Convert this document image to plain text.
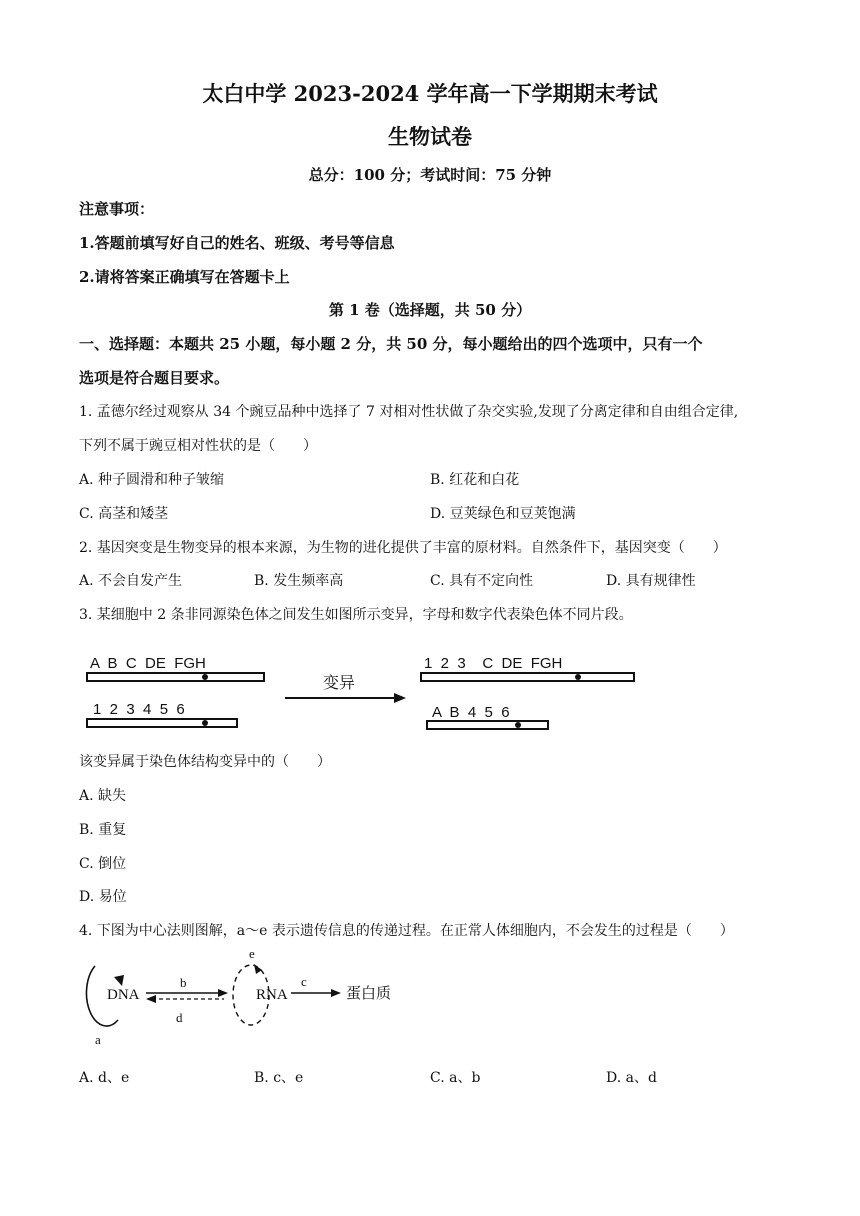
太白中学 2023-2024 学年高一下学期期末考试
生物试卷
总分：100 分；考试时间：75 分钟
注意事项：
1.答题前填写好自己的姓名、班级、考号等信息
2.请将答案正确填写在答题卡上
第 1 卷（选择题，共 50 分）
一、选择题：本题共 25 小题，每小题 2 分，共 50 分，每小题给出的四个选项中，只有一个
选项是符合题目要求。
1. 孟德尔经过观察从 34 个豌豆品种中选择了 7 对相对性状做了杂交实验,发现了分离定律和自由组合定律,
下列不属于豌豆相对性状的是（　　）
A. 种子圆滑和种子皱缩	B. 红花和白花
C. 高茎和矮茎	D. 豆荚绿色和豆荚饱满
2. 基因突变是生物变异的根本来源，为生物的进化提供了丰富的原材料。自然条件下，基因突变（　　）
A. 不会自发产生	B. 发生频率高	C. 具有不定向性	D. 具有规律性
3. 某细胞中 2 条非同源染色体之间发生如图所示变异，字母和数字代表染色体不同片段。
A  B  C  DE  FGH
1  2  3  4  5  6
变异
1  2  3    C  DE  FGH
A  B  4  5  6
DNA
a
b
d
e
RNA
c
蛋白质
该变异属于染色体结构变异中的（　　）
A. 缺失
B. 重复
C. 倒位
D. 易位
4. 下图为中心法则图解，a～e 表示遗传信息的传递过程。在正常人体细胞内，不会发生的过程是（　　）
A. d、e	B. c、e	C. a、b	D. a、d
